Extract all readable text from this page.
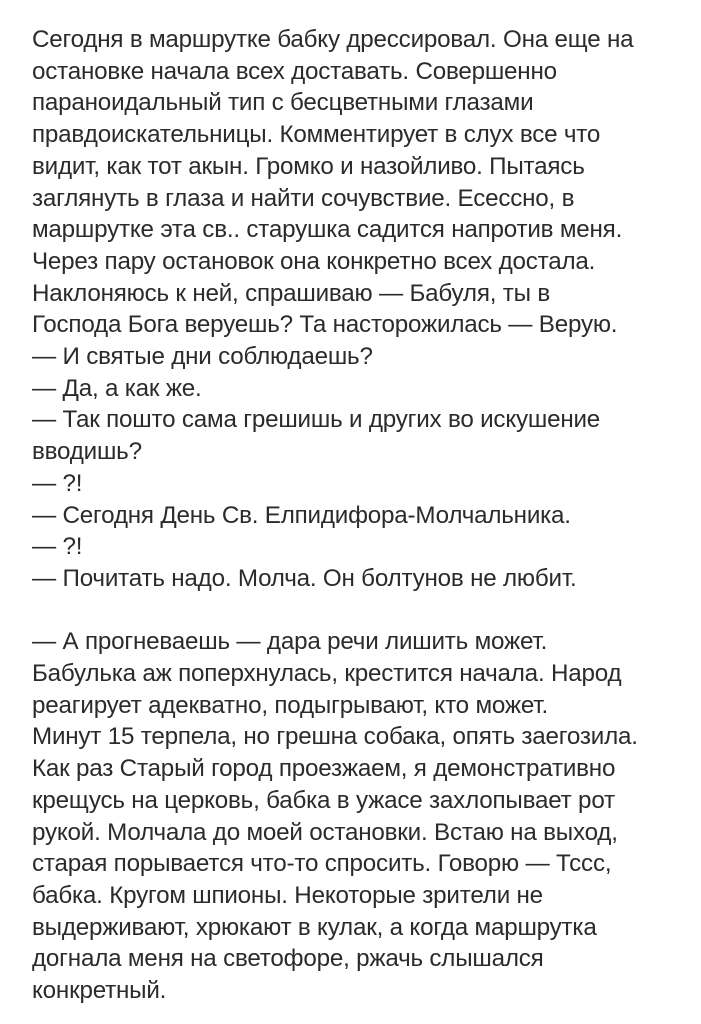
Сегодня в маршрутке бабку дрессировал. Она еще на
остановке начала всех доставать. Совершенно
параноидальный тип с бесцветными глазами
правдоискательницы. Комментирует в слух все что
видит, как тот акын. Громко и назойливо. Пытаясь
заглянуть в глаза и найти сочувствие. Есессно, в
маршрутке эта св.. старушка садится напротив меня.
Через пару остановок она конкретно всех достала.
Наклоняюсь к ней, спрашиваю — Бабуля, ты в
Господа Бога веруешь? Та насторожилась — Верую.
— И святые дни соблюдаешь?
— Да, а как же.
— Так пошто сама грешишь и других во искушение
вводишь?
— ?!
— Сегодня День Св. Елпидифора-Молчальника.
— ?!
— Почитать надо. Молча. Он болтунов не любит.
— А прогневаешь — дара речи лишить может.
Бабулька аж поперхнулась, крестится начала. Народ
реагирует адекватно, подыгрывают, кто может.
Минут 15 терпела, но грешна собака, опять заегозила.
Как раз Старый город проезжаем, я демонстративно
крещусь на церковь, бабка в ужасе захлопывает рот
рукой. Молчала до моей остановки. Встаю на выход,
старая порывается что-то спросить. Говорю — Тссс,
бабка. Кругом шпионы. Некоторые зрители не
выдерживают, хрюкают в кулак, а когда маршрутка
догнала меня на светофоре, ржачь слышался
конкретный.
